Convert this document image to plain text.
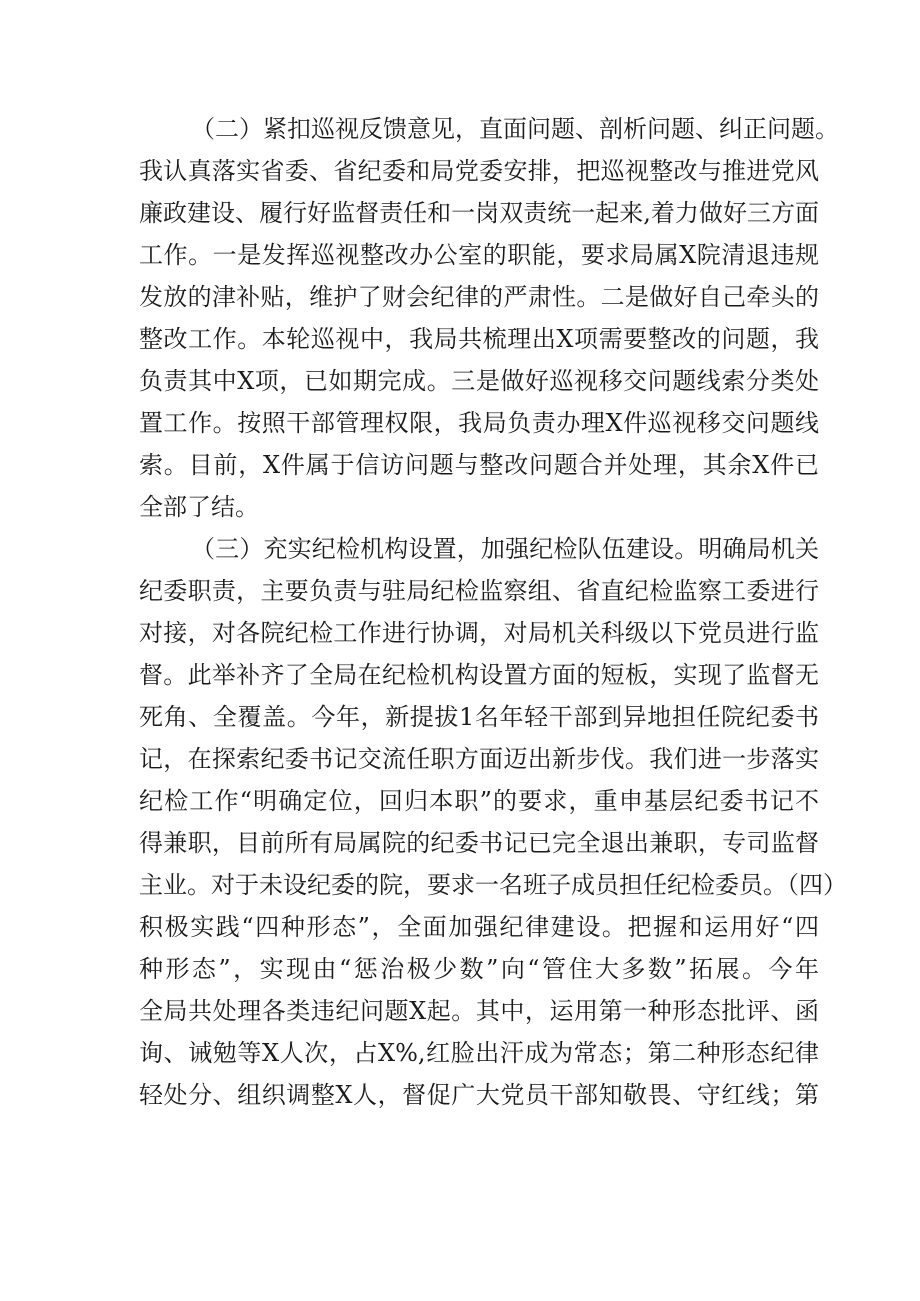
（二）紧扣巡视反馈意见，直面问题、剖析问题、纠正问题。
我认真落实省委、省纪委和局党委安排，把巡视整改与推进党风
廉政建设、履行好监督责任和一岗双责统一起来,着力做好三方面
工作。一是发挥巡视整改办公室的职能，要求局属X院清退违规
发放的津补贴，维护了财会纪律的严肃性。二是做好自己牵头的
整改工作。本轮巡视中，我局共梳理出X项需要整改的问题，我
负责其中X项，已如期完成。三是做好巡视移交问题线索分类处
置工作。按照干部管理权限，我局负责办理X件巡视移交问题线
索。目前，X件属于信访问题与整改问题合并处理，其余X件已
全部了结。
（三）充实纪检机构设置，加强纪检队伍建设。明确局机关
纪委职责，主要负责与驻局纪检监察组、省直纪检监察工委进行
对接，对各院纪检工作进行协调，对局机关科级以下党员进行监
督。此举补齐了全局在纪检机构设置方面的短板，实现了监督无
死角、全覆盖。今年，新提拔1名年轻干部到异地担任院纪委书
记，在探索纪委书记交流任职方面迈出新步伐。我们进一步落实
纪检工作“明确定位，回归本职”的要求，重申基层纪委书记不
得兼职，目前所有局属院的纪委书记已完全退出兼职，专司监督
主业。对于未设纪委的院，要求一名班子成员担任纪检委员。（四）
积极实践“四种形态”，全面加强纪律建设。把握和运用好“四
种形态”，实现由“惩治极少数”向“管住大多数”拓展。今年
全局共处理各类违纪问题X起。其中，运用第一种形态批评、函
询、诫勉等X人次，占X%,红脸出汗成为常态；第二种形态纪律
轻处分、组织调整X人，督促广大党员干部知敬畏、守红线；第
